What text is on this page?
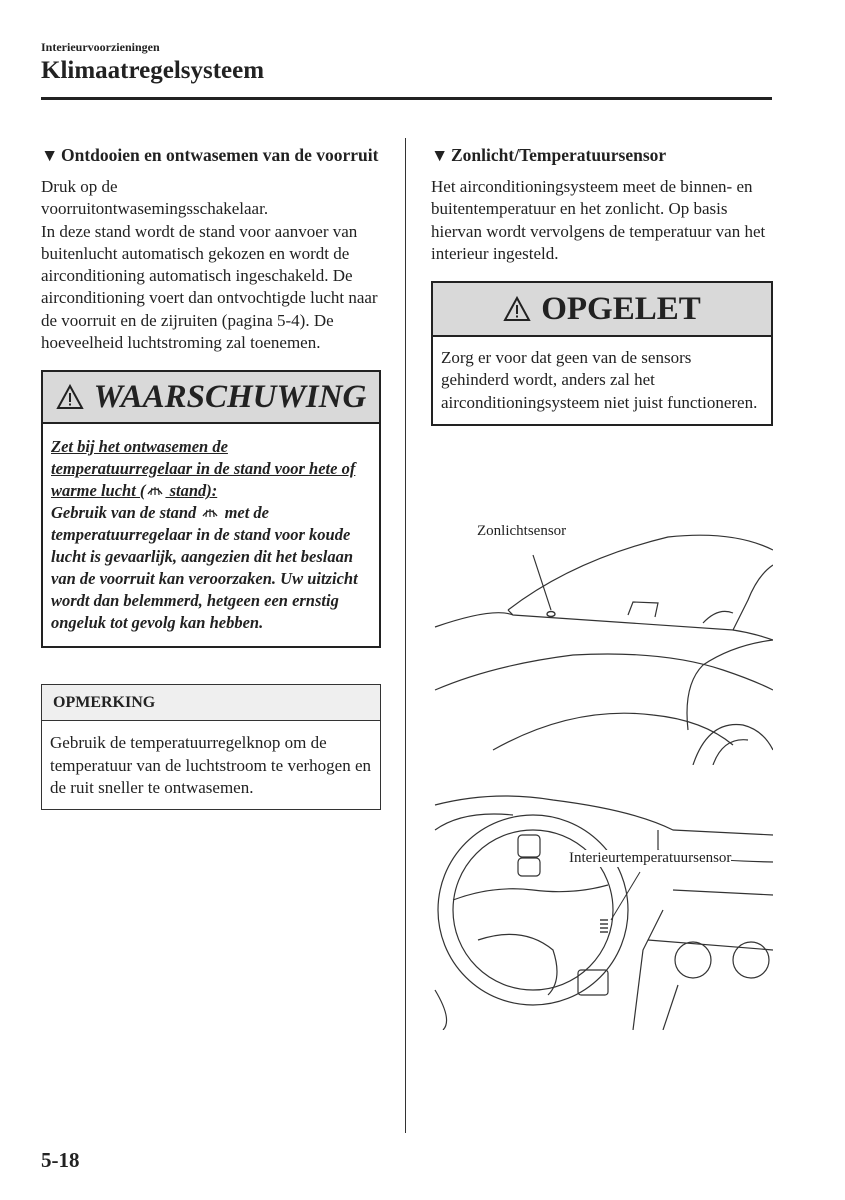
Interieurvoorzieningen
Klimaatregelsysteem
▼ Ontdooien en ontwasemen van de voorruit
Druk op de voorruitontwasemingsschakelaar.
In deze stand wordt de stand voor aanvoer van buitenlucht automatisch gekozen en wordt de airconditioning automatisch ingeschakeld. De airconditioning voert dan ontvochtigde lucht naar de voorruit en de zijruiten (pagina 5-4). De hoeveelheid luchtstroming zal toenemen.
WAARSCHUWING
Zet bij het ontwasemen de temperatuurregelaar in de stand voor hete of warme lucht ( stand):
Gebruik van de stand  met de temperatuurregelaar in de stand voor koude lucht is gevaarlijk, aangezien dit het beslaan van de voorruit kan veroorzaken. Uw uitzicht wordt dan belemmerd, hetgeen een ernstig ongeluk tot gevolg kan hebben.
OPMERKING
Gebruik de temperatuurregelknop om de temperatuur van de luchtstroom te verhogen en de ruit sneller te ontwasemen.
▼ Zonlicht/Temperatuursensor
Het airconditioningsysteem meet de binnen- en buitentemperatuur en het zonlicht. Op basis hiervan wordt vervolgens de temperatuur van het interieur ingesteld.
OPGELET
Zorg er voor dat geen van de sensors gehinderd wordt, anders zal het airconditioningsysteem niet juist functioneren.
Zonlichtsensor
Interieurtemperatuursensor
5-18
